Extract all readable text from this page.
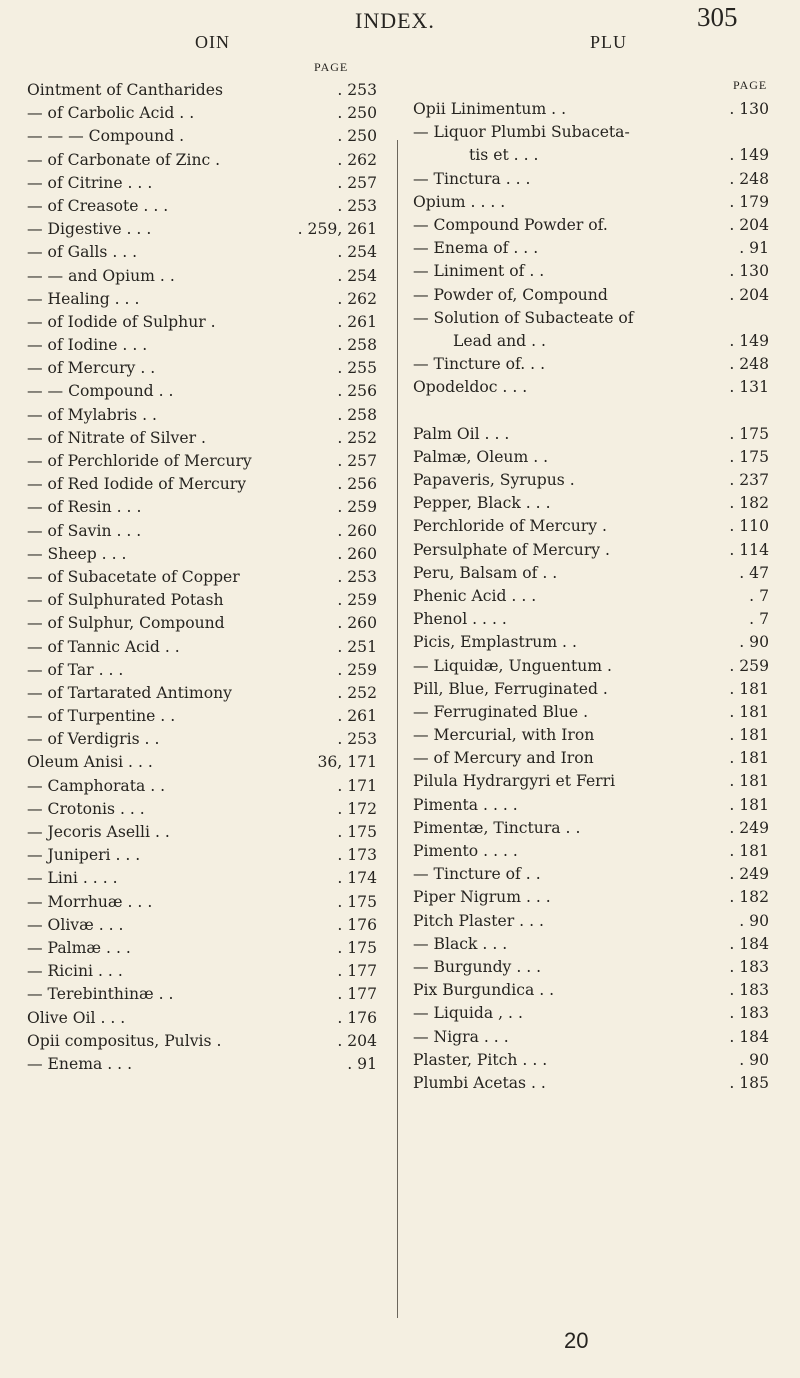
INDEX.	305
OIN	PLU
PAGE
PAGE
Ointment of Cantharides	. 253
— of Carbolic Acid . .	. 250
— — — Compound .	. 250
— of Carbonate of Zinc .	. 262
— of Citrine . . .	. 257
— of Creasote . . .	. 253
— Digestive . . .	. 259, 261
— of Galls . . .	. 254
— — and Opium . .	. 254
— Healing . . .	. 262
— of Iodide of Sulphur .	. 261
— of Iodine . . .	. 258
— of Mercury . .	. 255
— — Compound . .	. 256
— of Mylabris . .	. 258
— of Nitrate of Silver .	. 252
— of Perchloride of Mercury	. 257
— of Red Iodide of Mercury	. 256
— of Resin . . .	. 259
— of Savin . . .	. 260
— Sheep . . .	. 260
— of Subacetate of Copper	. 253
— of Sulphurated Potash	. 259
— of Sulphur, Compound	. 260
— of Tannic Acid . .	. 251
— of Tar . . .	. 259
— of Tartarated Antimony	. 252
— of Turpentine . .	. 261
— of Verdigris . .	. 253
Oleum Anisi . . .	36, 171
— Camphorata . .	. 171
— Crotonis . . .	. 172
— Jecoris Aselli . .	. 175
— Juniperi . . .	. 173
— Lini . . . .	. 174
— Morrhuæ . . .	. 175
— Olivæ . . .	. 176
— Palmæ . . .	. 175
— Ricini . . .	. 177
— Terebinthinæ . .	. 177
Olive Oil . . .	. 176
Opii compositus, Pulvis .	. 204
— Enema . . .	. 91
Opii Linimentum . .	. 130
— Liquor Plumbi Subaceta-
tis et . . .	. 149
— Tinctura . . .	. 248
Opium . . . .	. 179
— Compound Powder of.	. 204
— Enema of . . .	. 91
— Liniment of . .	. 130
— Powder of, Compound	. 204
— Solution of Subacteate of
Lead and . .	. 149
— Tincture of. . .	. 248
Opodeldoc . . .	. 131
Palm Oil . . .	. 175
Palmæ, Oleum . .	. 175
Papaveris, Syrupus .	. 237
Pepper, Black . . .	. 182
Perchloride of Mercury .	. 110
Persulphate of Mercury .	. 114
Peru, Balsam of . .	. 47
Phenic Acid . . .	. 7
Phenol . . . .	. 7
Picis, Emplastrum . .	. 90
— Liquidæ, Unguentum .	. 259
Pill, Blue, Ferruginated .	. 181
— Ferruginated Blue .	. 181
— Mercurial, with Iron	. 181
— of Mercury and Iron	. 181
Pilula Hydrargyri et Ferri	. 181
Pimenta . . . .	. 181
Pimentæ, Tinctura . .	. 249
Pimento . . . .	. 181
— Tincture of . .	. 249
Piper Nigrum . . .	. 182
Pitch Plaster . . .	. 90
— Black . . .	. 184
— Burgundy . . .	. 183
Pix Burgundica . .	. 183
— Liquida , . .	. 183
— Nigra . . .	. 184
Plaster, Pitch . . .	. 90
Plumbi Acetas . .	. 185
20
